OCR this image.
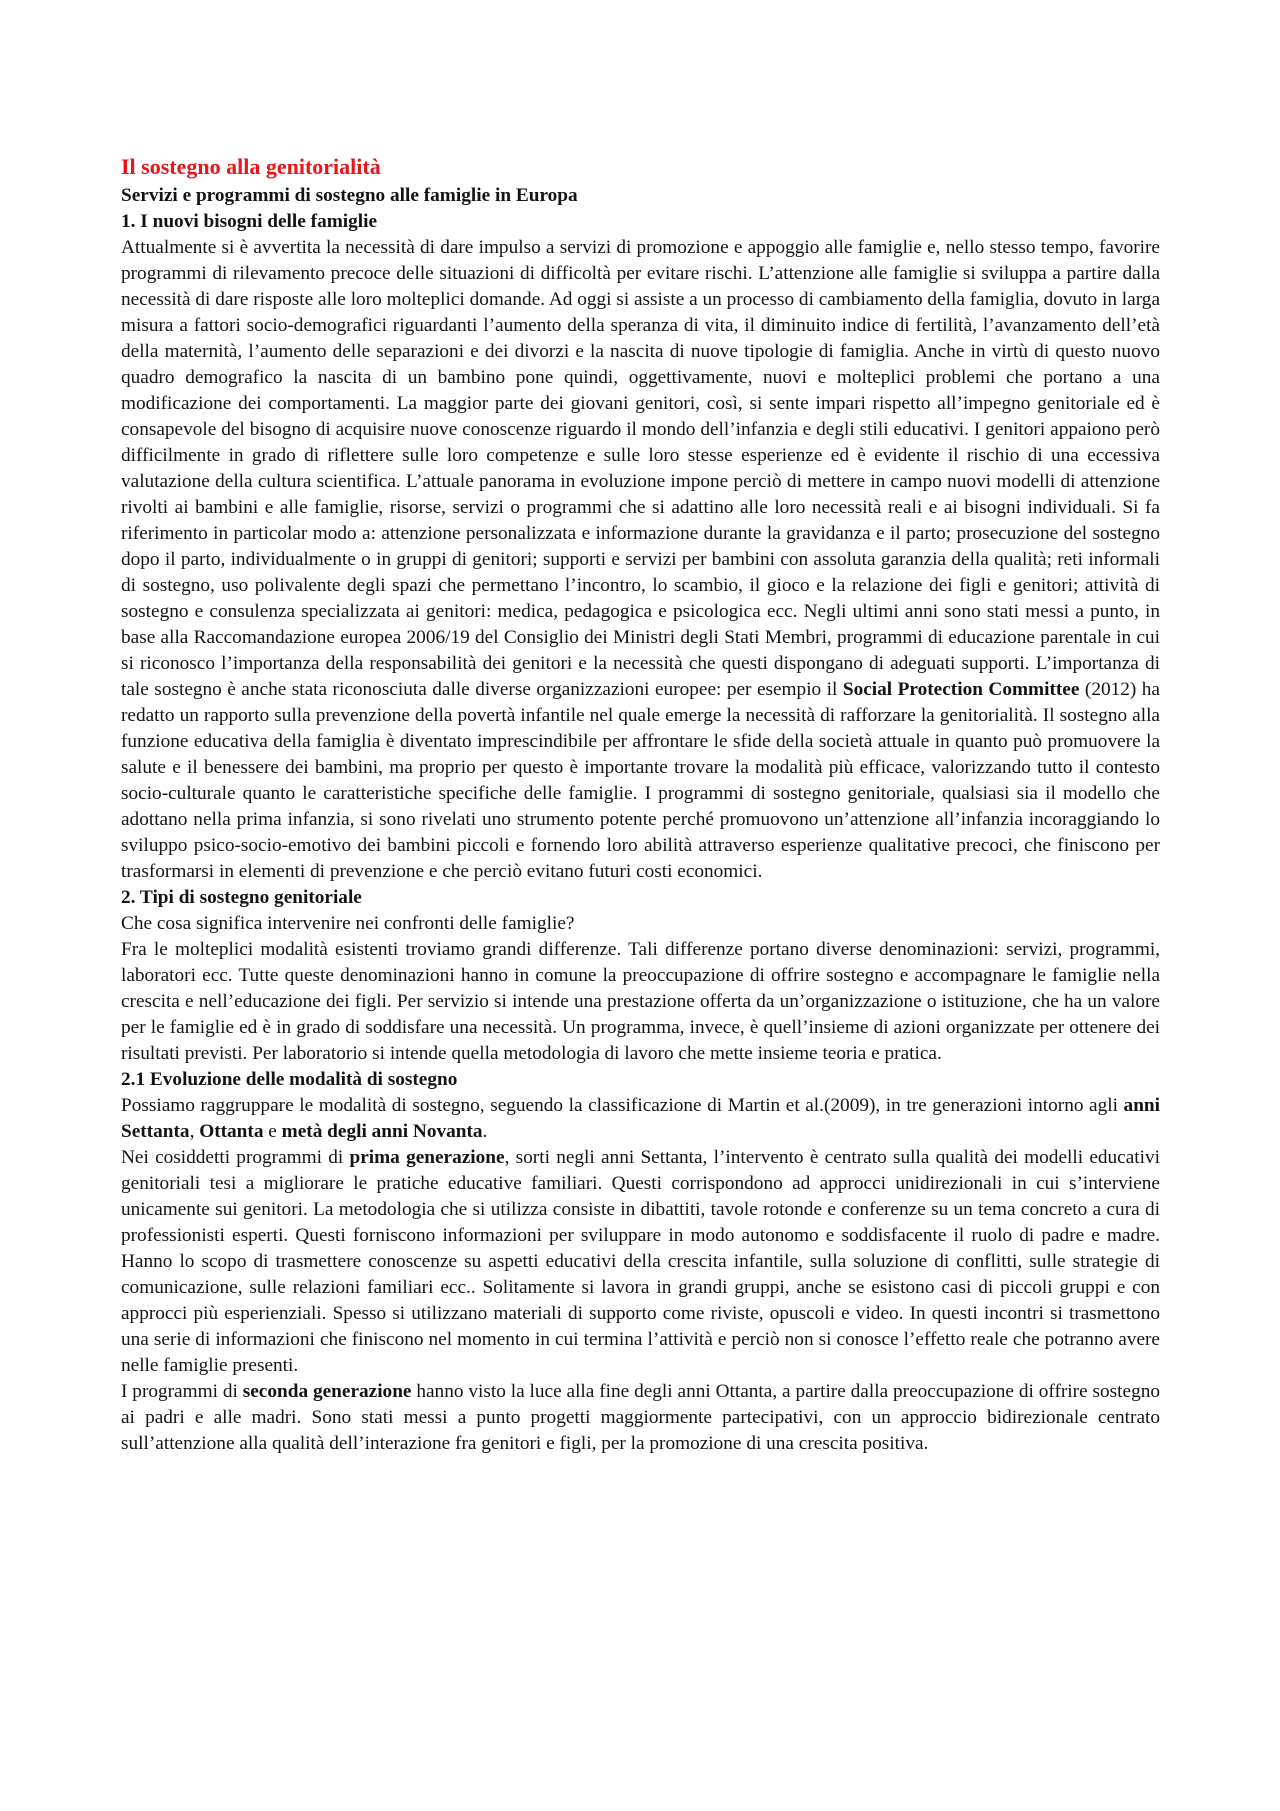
Il sostegno alla genitorialità
Servizi e programmi di sostegno alle famiglie in Europa
1. I nuovi bisogni delle famiglie

Attualmente si è avvertita la necessità di dare impulso a servizi di promozione e appoggio alle famiglie e, nello stesso tempo, favorire programmi di rilevamento precoce delle situazioni di difficoltà per evitare rischi. L’attenzione alle famiglie si sviluppa a partire dalla necessità di dare risposte alle loro molteplici domande. Ad oggi si assiste a un processo di cambiamento della famiglia, dovuto in larga misura a fattori socio-demografici riguardanti l’aumento della speranza di vita, il diminuito indice di fertilità, l’avanzamento dell’età della maternità, l’aumento delle separazioni e dei divorzi e la nascita di nuove tipologie di famiglia. Anche in virtù di questo nuovo quadro demografico la nascita di un bambino pone quindi, oggettivamente, nuovi e molteplici problemi che portano a una modificazione dei comportamenti. La maggior parte dei giovani genitori, così, si sente impari rispetto all’impegno genitoriale ed è consapevole del bisogno di acquisire nuove conoscenze riguardo il mondo dell’infanzia e degli stili educativi. I genitori appaiono però difficilmente in grado di riflettere sulle loro competenze e sulle loro stesse esperienze ed è evidente il rischio di una eccessiva valutazione della cultura scientifica. L’attuale panorama in evoluzione impone perciò di mettere in campo nuovi modelli di attenzione rivolti ai bambini e alle famiglie, risorse, servizi o programmi che si adattino alle loro necessità reali e ai bisogni individuali. Si fa riferimento in particolar modo a: attenzione personalizzata e informazione durante la gravidanza e il parto; prosecuzione del sostegno dopo il parto, individualmente o in gruppi di genitori; supporti e servizi per bambini con assoluta garanzia della qualità; reti informali di sostegno, uso polivalente degli spazi che permettano l’incontro, lo scambio, il gioco e la relazione dei figli e genitori; attività di sostegno e consulenza specializzata ai genitori: medica, pedagogica e psicologica ecc. Negli ultimi anni sono stati messi a punto, in base alla Raccomandazione europea 2006/19 del Consiglio dei Ministri degli Stati Membri, programmi di educazione parentale in cui si riconosco l’importanza della responsabilità dei genitori e la necessità che questi dispongano di adeguati supporti. L’importanza di tale sostegno è anche stata riconosciuta dalle diverse organizzazioni europee: per esempio il Social Protection Committee (2012) ha redatto un rapporto sulla prevenzione della povertà infantile nel quale emerge la necessità di rafforzare la genitorialità. Il sostegno alla funzione educativa della famiglia è diventato imprescindibile per affrontare le sfide della società attuale in quanto può promuovere la salute e il benessere dei bambini, ma proprio per questo è importante trovare la modalità più efficace, valorizzando tutto il contesto socio-culturale quanto le caratteristiche specifiche delle famiglie. I programmi di sostegno genitoriale, qualsiasi sia il modello che adottano nella prima infanzia, si sono rivelati uno strumento potente perché promuovono un’attenzione all’infanzia incoraggiando lo sviluppo psico-socio-emotivo dei bambini piccoli e fornendo loro abilità attraverso esperienze qualitative precoci, che finiscono per trasformarsi in elementi di prevenzione e che perciò evitano futuri costi economici.

2. Tipi di sostegno genitoriale

Che cosa significa intervenire nei confronti delle famiglie?

Fra le molteplici modalità esistenti troviamo grandi differenze. Tali differenze portano diverse denominazioni: servizi, programmi, laboratori ecc. Tutte queste denominazioni hanno in comune la preoccupazione di offrire sostegno e accompagnare le famiglie nella crescita e nell’educazione dei figli. Per servizio si intende una prestazione offerta da un’organizzazione o istituzione, che ha un valore per le famiglie ed è in grado di soddisfare una necessità. Un programma, invece, è quell’insieme di azioni organizzate per ottenere dei risultati previsti. Per laboratorio si intende quella metodologia di lavoro che mette insieme teoria e pratica.

2.1 Evoluzione delle modalità di sostegno

Possiamo raggruppare le modalità di sostegno, seguendo la classificazione di Martin et al.(2009), in tre generazioni intorno agli anni Settanta, Ottanta e metà degli anni Novanta.

Nei cosiddetti programmi di prima generazione, sorti negli anni Settanta, l’intervento è centrato sulla qualità dei modelli educativi genitoriali tesi a migliorare le pratiche educative familiari. Questi corrispondono ad approcci unidirezionali in cui s’interviene unicamente sui genitori. La metodologia che si utilizza consiste in dibattiti, tavole rotonde e conferenze su un tema concreto a cura di professionisti esperti. Questi forniscono informazioni per sviluppare in modo autonomo e soddisfacente il ruolo di padre e madre. Hanno lo scopo di trasmettere conoscenze su aspetti educativi della crescita infantile, sulla soluzione di conflitti, sulle strategie di comunicazione, sulle relazioni familiari ecc.. Solitamente si lavora in grandi gruppi, anche se esistono casi di piccoli gruppi e con approcci più esperienziali. Spesso si utilizzano materiali di supporto come riviste, opuscoli e video. In questi incontri si trasmettono una serie di informazioni che finiscono nel momento in cui termina l’attività e perciò non si conosce l’effetto reale che potranno avere nelle famiglie presenti.

I programmi di seconda generazione hanno visto la luce alla fine degli anni Ottanta, a partire dalla preoccupazione di offrire sostegno ai padri e alle madri. Sono stati messi a punto progetti maggiormente partecipativi, con un approccio bidirezionale centrato sull’attenzione alla qualità dell’interazione fra genitori e figli, per la promozione di una crescita positiva.
